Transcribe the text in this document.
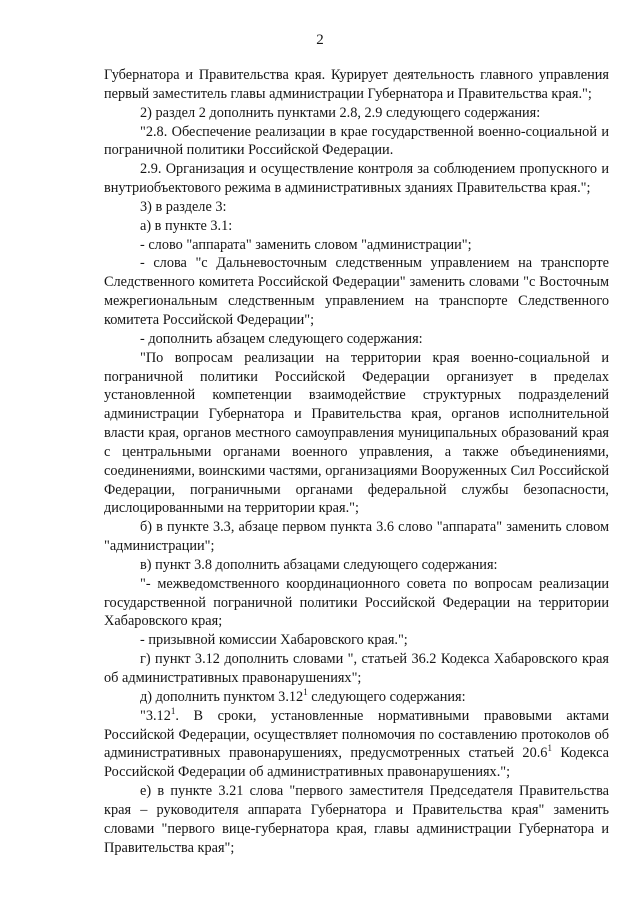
2

Губернатора и Правительства края. Курирует деятельность главного управления первый заместитель главы администрации Губернатора и Правительства края.";

2) раздел 2 дополнить пунктами 2.8, 2.9 следующего содержания:

"2.8. Обеспечение реализации в крае государственной военно-социальной и пограничной политики Российской Федерации.

2.9. Организация и осуществление контроля за соблюдением пропускного и внутриобъектового режима в административных зданиях Правительства края.";

3) в разделе 3:

а) в пункте 3.1:

- слово "аппарата" заменить словом "администрации";

- слова "с Дальневосточным следственным управлением на транспорте Следственного комитета Российской Федерации" заменить словами "с Восточным межрегиональным следственным управлением на транспорте Следственного комитета Российской Федерации";

- дополнить абзацем следующего содержания:

"По вопросам реализации на территории края военно-социальной и пограничной политики Российской Федерации организует в пределах установленной компетенции взаимодействие структурных подразделений администрации Губернатора и Правительства края, органов исполнительной власти края, органов местного самоуправления муниципальных образований края с центральными органами военного управления, а также объединениями, соединениями, воинскими частями, организациями Вооруженных Сил Российской Федерации, пограничными органами федеральной службы безопасности, дислоцированными на территории края.";

б) в пункте 3.3, абзаце первом пункта 3.6 слово "аппарата" заменить словом "администрации";

в) пункт 3.8 дополнить абзацами следующего содержания:

"- межведомственного координационного совета по вопросам реализации государственной пограничной политики Российской Федерации на территории Хабаровского края;

- призывной комиссии Хабаровского края.";

г) пункт 3.12 дополнить словами ", статьей 36.2 Кодекса Хабаровского края об административных правонарушениях";

д) дополнить пунктом 3.12$^1$ следующего содержания:

"3.12$^1$. В сроки, установленные нормативными правовыми актами Российской Федерации, осуществляет полномочия по составлению протоколов об административных правонарушениях, предусмотренных статьей 20.6$^1$ Кодекса Российской Федерации об административных правонарушениях.";

е) в пункте 3.21 слова "первого заместителя Председателя Правительства края – руководителя аппарата Губернатора и Правительства края" заменить словами "первого вице-губернатора края, главы администрации Губернатора и Правительства края";
